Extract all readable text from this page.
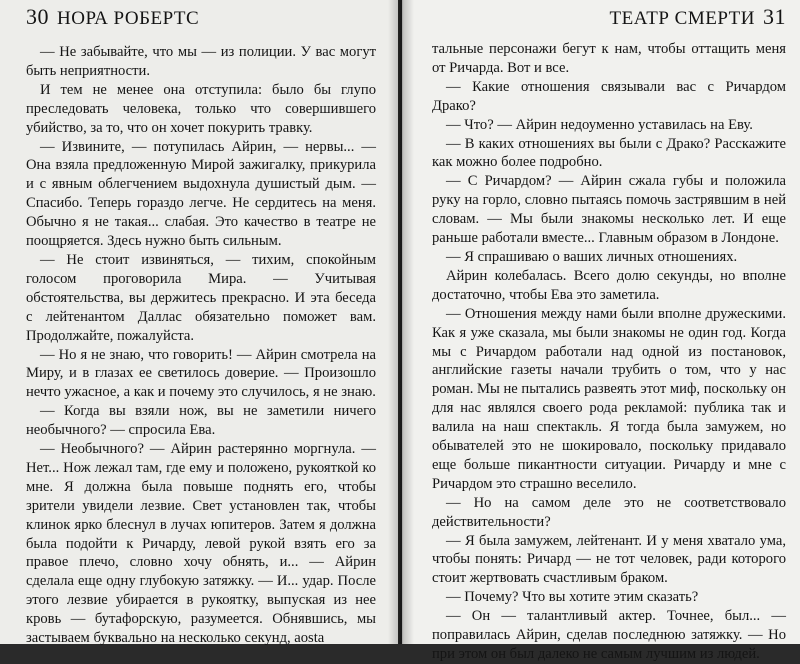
30 НОРА РОБЕРТС

— Не забывайте, что мы — из полиции. У вас могут быть неприятности.

И тем не менее она отступила: было бы глупо преследовать человека, только что совершившего убийство, за то, что он хочет покурить травку.

— Извините, — потупилась Айрин, — нервы... — Она взяла предложенную Мирой зажигалку, прикурила и с явным облегчением выдохнула душистый дым. — Спасибо. Теперь гораздо легче. Не сердитесь на меня. Обычно я не такая... слабая. Это качество в театре не поощряется. Здесь нужно быть сильным.

— Не стоит извиняться, — тихим, спокойным голосом проговорила Мира. — Учитывая обстоятельства, вы держитесь прекрасно. И эта беседа с лейтенантом Даллас обязательно поможет вам. Продолжайте, пожалуйста.

— Но я не знаю, что говорить! — Айрин смотрела на Миру, и в глазах ее светилось доверие. — Произошло нечто ужасное, а как и почему это случилось, я не знаю.

— Когда вы взяли нож, вы не заметили ничего необычного? — спросила Ева.

— Необычного? — Айрин растерянно моргнула. — Нет... Нож лежал там, где ему и положено, рукояткой ко мне. Я должна была повыше поднять его, чтобы зрители увидели лезвие. Свет установлен так, чтобы клинок ярко блеснул в лучах юпитеров. Затем я должна была подойти к Ричарду, левой рукой взять его за правое плечо, словно хочу обнять, и... — Айрин сделала еще одну глубокую затяжку. — И... удар. После этого лезвие убирается в рукоятку, выпуская из нее кровь — бутафорскую, разумеется. Обнявшись, мы застываем буквально на несколько секунд, аosta

ТЕАТР СМЕРТИ 31

тальные персонажи бегут к нам, чтобы оттащить меня от Ричарда. Вот и все.

— Какие отношения связывали вас с Ричардом Драко?

— Что? — Айрин недоуменно уставилась на Еву.

— В каких отношениях вы были с Драко? Расскажите как можно более подробно.

— С Ричардом? — Айрин сжала губы и положила руку на горло, словно пытаясь помочь застрявшим в ней словам. — Мы были знакомы несколько лет. И еще раньше работали вместе... Главным образом в Лондоне.

— Я спрашиваю о ваших личных отношениях.

Айрин колебалась. Всего долю секунды, но вполне достаточно, чтобы Ева это заметила.

— Отношения между нами были вполне дружескими. Как я уже сказала, мы были знакомы не один год. Когда мы с Ричардом работали над одной из постановок, английские газеты начали трубить о том, что у нас роман. Мы не пытались развеять этот миф, поскольку он для нас являлся своего рода рекламой: публика так и валила на наш спектакль. Я тогда была замужем, но обывателей это не шокировало, поскольку придавало еще больше пикантности ситуации. Ричарду и мне с Ричардом это страшно веселило.

— Но на самом деле это не соответствовало действительности?

— Я была замужем, лейтенант. И у меня хватало ума, чтобы понять: Ричард — не тот человек, ради которого стоит жертвовать счастливым браком.

— Почему? Что вы хотите этим сказать?

— Он — талантливый актер. Точнее, был... — поправилась Айрин, сделав последнюю затяжку. — Но при этом он был далеко не самым лучшим из людей.
